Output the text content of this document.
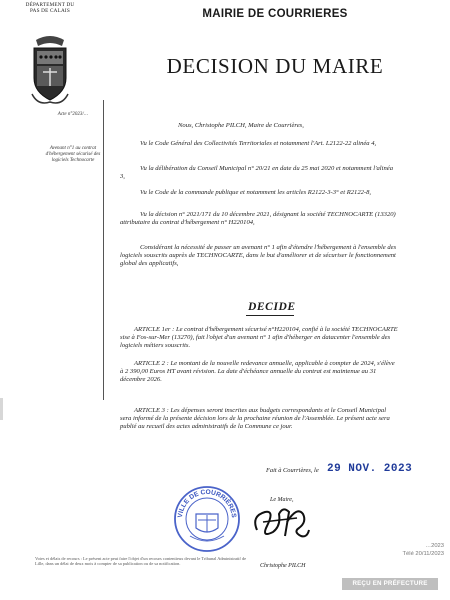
DÉPARTEMENT DU PAS DE CALAIS	MAIRIE DE COURRIERES
DECISION DU MAIRE
Acte n°2023/…
Avenant n°1 au contrat d'hébergement sécurisé des logiciels Technocarte
Nous, Christophe PILCH, Maire de Courrières,
Vu le Code Général des Collectivités Territoriales et notamment l'Art. L2122-22 alinéa 4,
Vu la délibération du Conseil Municipal n° 20/21 en date du 25 mai 2020 et notamment l'alinéa 3,
Vu le Code de la commande publique et notamment les articles R2122-3-3° et R2122-8,
Vu la décision n° 2021/171 du 10 décembre 2021, désignant la société TECHNOCARTE (13320) attributaire du contrat d'hébergement n° H220104,
Considérant la nécessité de passer un avenant n° 1 afin d'étendre l'hébergement à l'ensemble des logiciels souscrits auprès de TECHNOCARTE, dans le but d'améliorer et de sécuriser le fonctionnement global des applicatifs,
DECIDE
ARTICLE 1er : Le contrat d'hébergement sécurisé n°H220104, confié à la société TECHNOCARTE sise à Fos-sur-Mer (13270), fait l'objet d'un avenant n° 1 afin d'héberger en datacenter l'ensemble des logiciels métiers souscrits.
ARTICLE 2 : Le montant de la nouvelle redevance annuelle, applicable à compter de 2024, s'élève à 2 390,00 Euros HT avant révision. La date d'échéance annuelle du contrat est maintenue au 31 décembre 2026.
ARTICLE 3 : Les dépenses seront inscrites aux budgets correspondants et le Conseil Municipal sera informé de la présente décision lors de la prochaine réunion de l'Assemblée. Le présent acte sera publié au recueil des actes administratifs de la Commune ce jour.
Fait à Courrières, le 29 NOV. 2023
VILLE DE COURRIÈRES
Le Maire,
Christophe PILCH
…2023
Télé 20/11/2023
Voies et délais de recours : Le présent acte peut faire l'objet d'un recours contentieux devant le Tribunal Administratif de Lille, dans un délai de deux mois à compter de sa publication ou de sa notification.
REÇU EN PRÉFECTURE
